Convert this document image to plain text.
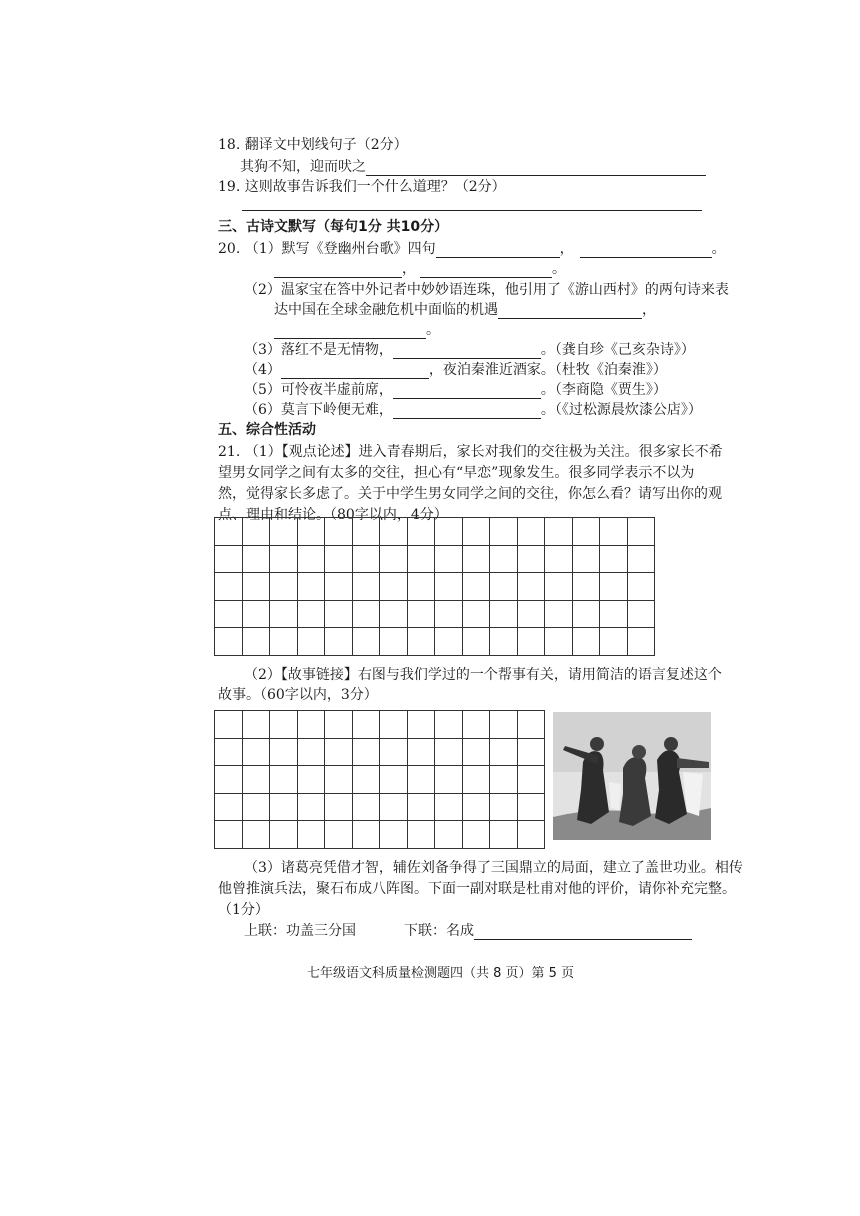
18. 翻译文中划线句子（2分）
其狗不知，迎而吠之
19. 这则故事告诉我们一个什么道理？（2分）
三、古诗文默写（每句1分 共10分）
20. （1）默写《登幽州台歌》四句	，	。
，	。
（2）温家宝在答中外记者中妙妙语连珠，他引用了《游山西村》的两句诗来表
达中国在全球金融危机中面临的机遇	，
。
（3）落红不是无情物，	。（龚自珍《己亥杂诗》）
（4）	，夜泊秦淮近酒家。（杜牧《泊秦淮》）
（5）可怜夜半虚前席，	。（李商隐《贾生》）
（6）莫言下岭便无难，	。（《过松源晨炊漆公店》）
五、综合性活动
21. （1）【观点论述】进入青春期后，家长对我们的交往极为关注。很多家长不希
望男女同学之间有太多的交往，担心有“早恋”现象发生。很多同学表示不以为
然，觉得家长多虑了。关于中学生男女同学之间的交往，你怎么看？请写出你的观
点、理由和结论。（80字以内，4分）

（2）【故事链接】右图与我们学过的一个帮事有关，请用简洁的语言复述这个
故事。（60字以内，3分）

（3）诸葛亮凭借才智，辅佐刘备争得了三国鼎立的局面，建立了盖世功业。相传
他曾推演兵法，聚石布成八阵图。下面一副对联是杜甫对他的评价，请你补充完整。
（1分）
上联：功盖三分国	下联：名成
七年级语文科质量检测题四（共 8 页）第 5 页
